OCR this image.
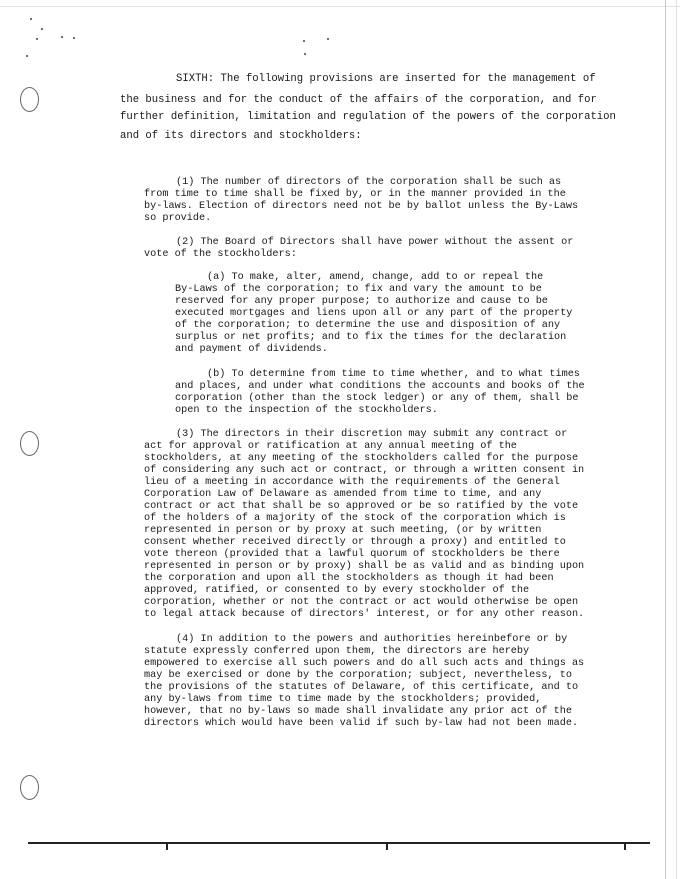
SIXTH: The following provisions are inserted for the management of

the business and for the conduct of the affairs of the corporation, and for

further definition, limitation and regulation of the powers of the corporation

and of its directors and stockholders:

(1) The number of directors of the corporation shall be such as

from time to time shall be fixed by, or in the manner provided in the

by-laws. Election of directors need not be by ballot unless the By-Laws

so provide.

(2) The Board of Directors shall have power without the assent or

vote of the stockholders:

(a) To make, alter, amend, change, add to or repeal the

By-Laws of the corporation; to fix and vary the amount to be

reserved for any proper purpose; to authorize and cause to be

executed mortgages and liens upon all or any part of the property

of the corporation; to determine the use and disposition of any

surplus or net profits; and to fix the times for the declaration

and payment of dividends.

(b) To determine from time to time whether, and to what times

and places, and under what conditions the accounts and books of the

corporation (other than the stock ledger) or any of them, shall be

open to the inspection of the stockholders.

(3) The directors in their discretion may submit any contract or

act for approval or ratification at any annual meeting of the

stockholders, at any meeting of the stockholders called for the purpose

of considering any such act or contract, or through a written consent in

lieu of a meeting in accordance with the requirements of the General

Corporation Law of Delaware as amended from time to time, and any

contract or act that shall be so approved or be so ratified by the vote

of the holders of a majority of the stock of the corporation which is

represented in person or by proxy at such meeting, (or by written

consent whether received directly or through a proxy) and entitled to

vote thereon (provided that a lawful quorum of stockholders be there

represented in person or by proxy) shall be as valid and as binding upon

the corporation and upon all the stockholders as though it had been

approved, ratified, or consented to by every stockholder of the

corporation, whether or not the contract or act would otherwise be open

to legal attack because of directors' interest, or for any other reason.

(4) In addition to the powers and authorities hereinbefore or by

statute expressly conferred upon them, the directors are hereby

empowered to exercise all such powers and do all such acts and things as

may be exercised or done by the corporation; subject, nevertheless, to

the provisions of the statutes of Delaware, of this certificate, and to

any by-laws from time to time made by the stockholders; provided,

however, that no by-laws so made shall invalidate any prior act of the

directors which would have been valid if such by-law had not been made.
